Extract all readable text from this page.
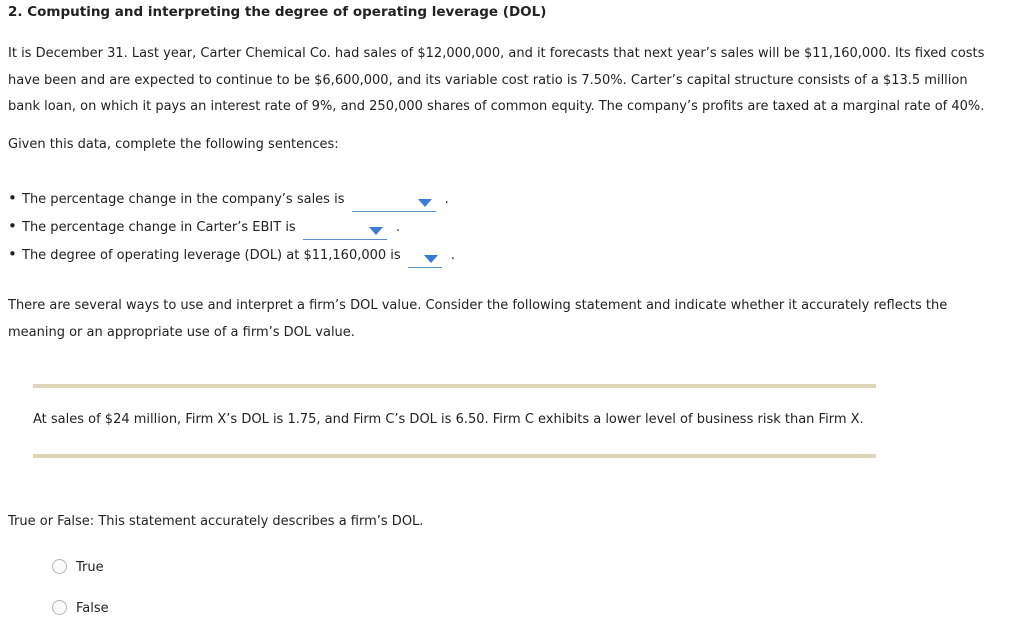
2. Computing and interpreting the degree of operating leverage (DOL)

It is December 31. Last year, Carter Chemical Co. had sales of $12,000,000, and it forecasts that next year’s sales will be $11,160,000. Its fixed costs
have been and are expected to continue to be $6,600,000, and its variable cost ratio is 7.50%. Carter’s capital structure consists of a $13.5 million
bank loan, on which it pays an interest rate of 9%, and 250,000 shares of common equity. The company’s profits are taxed at a marginal rate of 40%.

Given this data, complete the following sentences:

• The percentage change in the company’s sales is	.
• The percentage change in Carter’s EBIT is	.
• The degree of operating leverage (DOL) at $11,160,000 is	.

There are several ways to use and interpret a firm’s DOL value. Consider the following statement and indicate whether it accurately reflects the
meaning or an appropriate use of a firm’s DOL value.

At sales of $24 million, Firm X’s DOL is 1.75, and Firm C’s DOL is 6.50. Firm C exhibits a lower level of business risk than Firm X.

True or False: This statement accurately describes a firm’s DOL.

True
False
